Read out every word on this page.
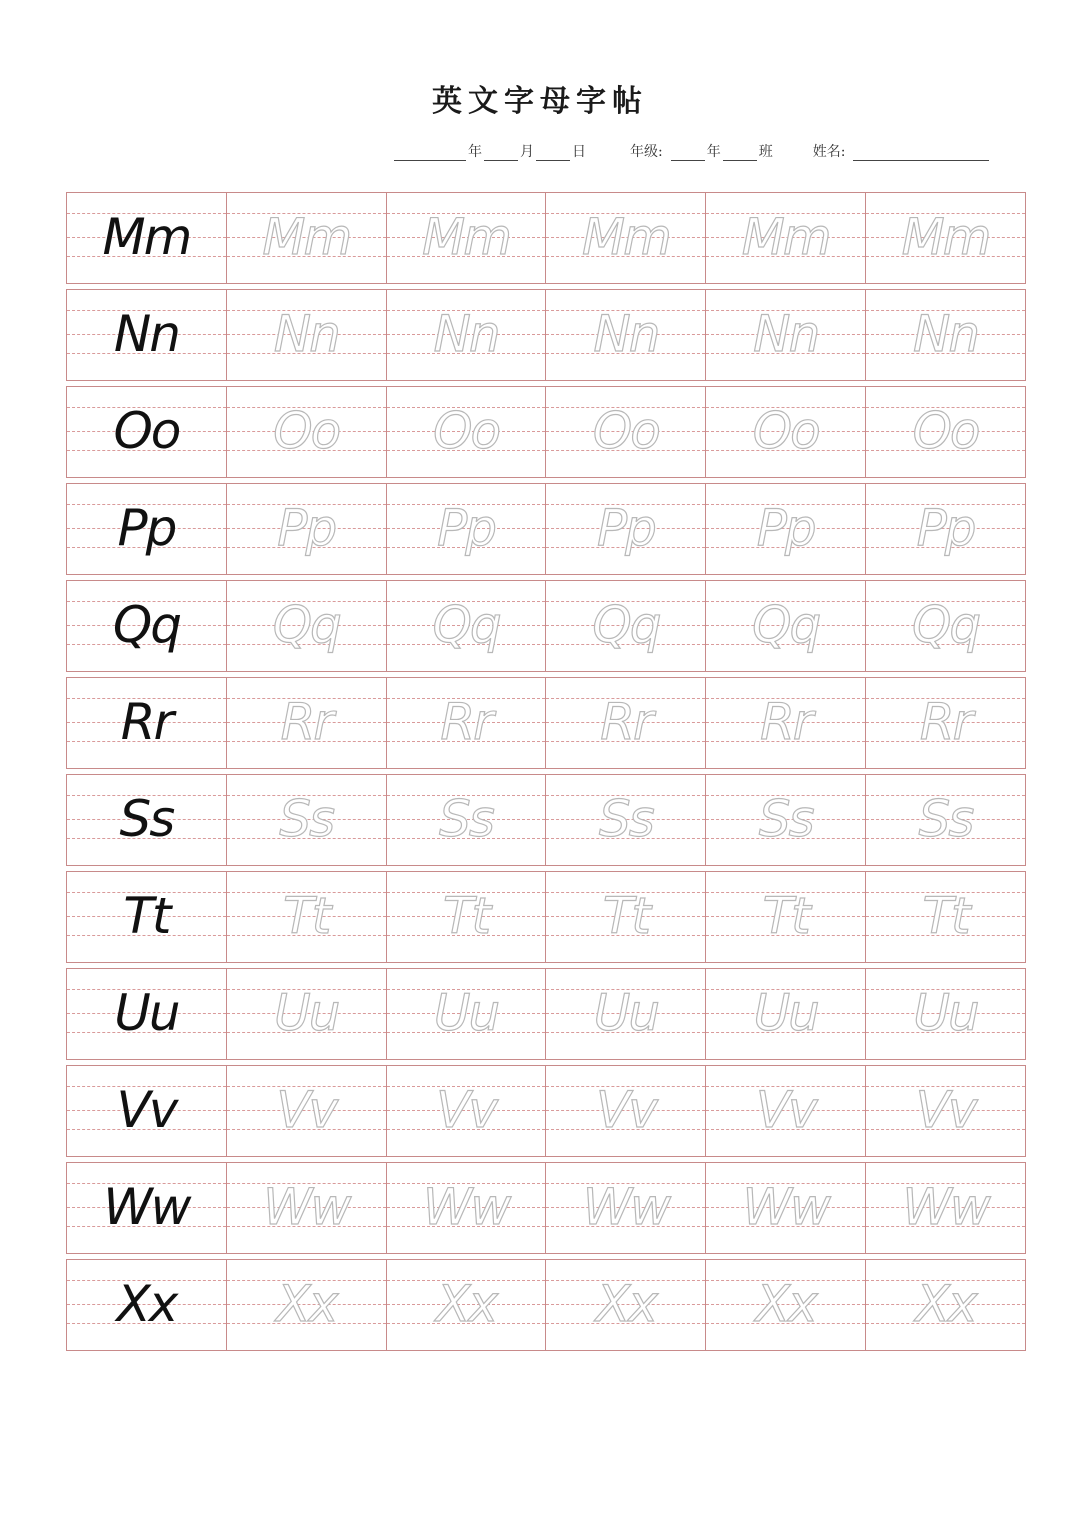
英文字母字帖
年	月	日	年级:	年	班	姓名:
Mm	Mm	Mm	Mm	Mm	Mm
Nn	Nn	Nn	Nn	Nn	Nn
Oo	Oo	Oo	Oo	Oo	Oo
Pp	Pp	Pp	Pp	Pp	Pp
Qq	Qq	Qq	Qq	Qq	Qq
Rr	Rr	Rr	Rr	Rr	Rr
Ss	Ss	Ss	Ss	Ss	Ss
Tt	Tt	Tt	Tt	Tt	Tt
Uu	Uu	Uu	Uu	Uu	Uu
Vv	Vv	Vv	Vv	Vv	Vv
Ww	Ww	Ww	Ww	Ww	Ww
Xx	Xx	Xx	Xx	Xx	Xx
